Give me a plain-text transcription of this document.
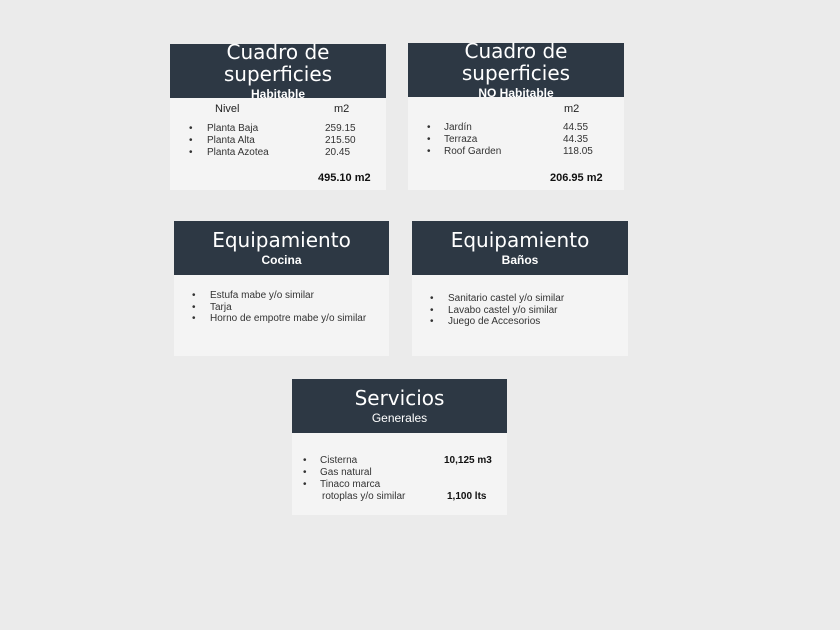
Cuadro de superficies
Habitable
Nivel	m2
• Planta Baja	259.15
• Planta Alta	215.50
• Planta Azotea	20.45
495.10 m2
Cuadro de superficies
NO Habitable
m2
• Jardín	44.55
• Terraza	44.35
• Roof Garden	118.05
206.95 m2
Equipamiento
Cocina
• Estufa mabe y/o similar
• Tarja
• Horno de empotre mabe y/o similar
Equipamiento
Baños
• Sanitario castel y/o similar
• Lavabo castel y/o similar
• Juego de Accesorios
Servicios
Generales
• Cisterna	10,125 m3
• Gas natural
• Tinaco marca
rotoplas y/o similar	1,100 lts
